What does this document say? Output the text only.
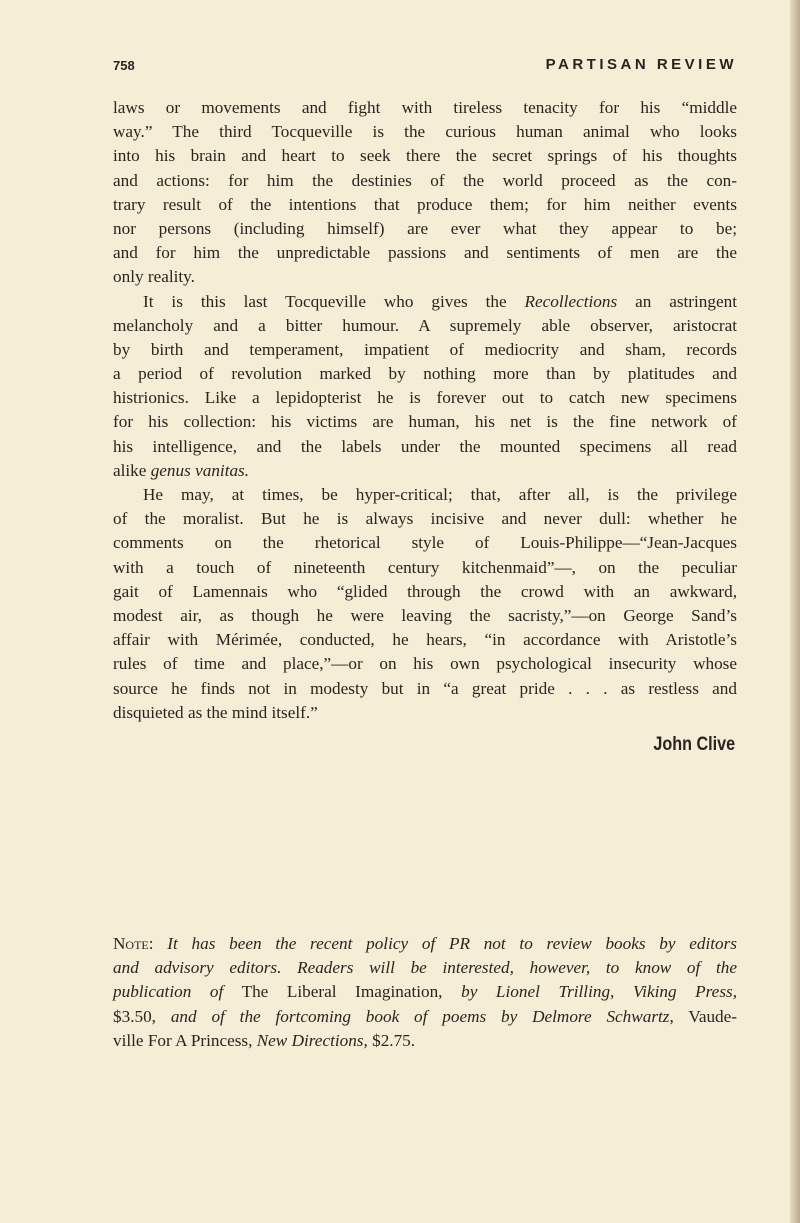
758	PARTISAN REVIEW
laws or movements and fight with tireless tenacity for his “middle
way.” The third Tocqueville is the curious human animal who looks
into his brain and heart to seek there the secret springs of his thoughts
and actions: for him the destinies of the world proceed as the con-
trary result of the intentions that produce them; for him neither events
nor persons (including himself) are ever what they appear to be;
and for him the unpredictable passions and sentiments of men are the
only reality.
It is this last Tocqueville who gives the Recollections an astringent
melancholy and a bitter humour. A supremely able observer, aristocrat
by birth and temperament, impatient of mediocrity and sham, records
a period of revolution marked by nothing more than by platitudes and
histrionics. Like a lepidopterist he is forever out to catch new specimens
for his collection: his victims are human, his net is the fine network of
his intelligence, and the labels under the mounted specimens all read
alike genus vanitas.
He may, at times, be hyper-critical; that, after all, is the privilege
of the moralist. But he is always incisive and never dull: whether he
comments on the rhetorical style of Louis-Philippe—“Jean-Jacques
with a touch of nineteenth century kitchenmaid”—, on the peculiar
gait of Lamennais who “glided through the crowd with an awkward,
modest air, as though he were leaving the sacristy,”—on George Sand’s
affair with Mérimée, conducted, he hears, “in accordance with Aristotle’s
rules of time and place,”—or on his own psychological insecurity whose
source he finds not in modesty but in “a great pride . . . as restless and
disquieted as the mind itself.”
John Clive
Note: It has been the recent policy of PR not to review books by editors
and advisory editors. Readers will be interested, however, to know of the
publication of The Liberal Imagination, by Lionel Trilling, Viking Press,
$3.50, and of the fortcoming book of poems by Delmore Schwartz, Vaude-
ville For A Princess, New Directions, $2.75.
